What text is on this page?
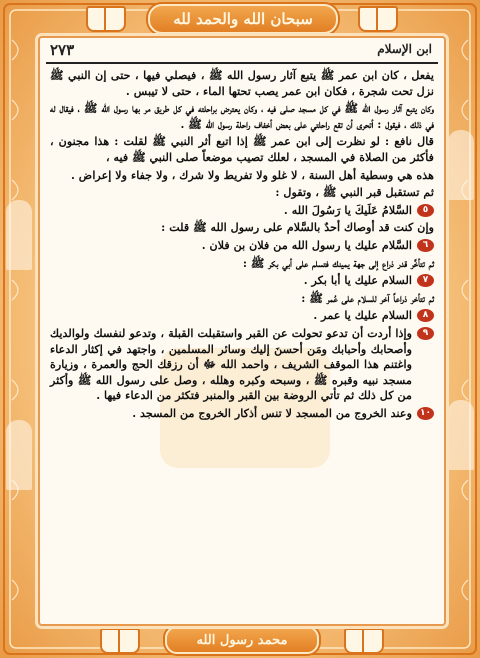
سبحان الله والحمد لله
محمد رسول الله
٢٧٣	ابن الإسلام

يفعل ، كان ابن عمر ﷺ يتبع آثار رسول الله ﷺ ، فيصلي فيها ، حتى إن النبي ﷺ نزل تحت شجرة ، فكان ابن عمر يصب تحتها الماء ، حتى لا تيبس .

وكان يتبع آثار رسول الله ﷺ في كل مسجد صلى فيه ، وكان يعترض براحلته في كل طريق مر بها رسول الله ﷺ ، فيقال له في ذلك ، فيقول : أتحرى أن تقع راحلتي على بعض أخفاف راحلة رسول الله ﷺ .

قال نافع : لو نظرت إلى ابن عمر ﷺ إذا اتبع أثر النبي ﷺ لقلت : هذا مجنون ، فأكثر من الصلاة في المسجد ، لعلك تصيب موضعاً صلى النبي ﷺ فيه ،

هذه هي وسطية أهل السنة ، لا غلو ولا تفريط ولا شرك ، ولا جفاء ولا إعراض .

ثم تستقبل قبر النبي ﷺ ، وتقول :

٥
السَّلامُ عَلَيكَ يا رَسُولَ الله .

وإن كنت قد أوصاك أحدٌ بالسَّلام على رسول الله ﷺ قلت :

٦
السَّلام عليك يا رسول الله من فلان بن فلان .

ثم تتأخَّر قدر ذراع إلى جهة يمينك فتسلم على أبي بكر ﷺ :

٧
السلام عليك يا أبا بكر .

ثم تتأخر ذراعاً آخر للسلام على عُمر ﷺ :

٨
السلام عليك يا عمر .

٩
وإذا أردت أن تدعو تحولت عن القبر واستقبلت القبلة ، وتدعو لنفسك ولوالديك وأصحابك وأحبابك ومَن أحسنَ إليك وسائر المسلمين ، واجتهد في إكثار الدعاء واغتنم هذا الموقف الشريف ، واحمد الله ﷻ أن رزقك الحج والعمرة ، وزيارة مسجد نبيه وقبره ﷺ ، وسبحه وكبره وهلله ، وصل على رسول الله ﷺ وأكثر من كل ذلك ثم تأتي الروضة بين القبر والمنبر فتكثر من الدعاء فيها .

١٠
وعند الخروج من المسجد لا تنس أذكار الخروج من المسجد .
